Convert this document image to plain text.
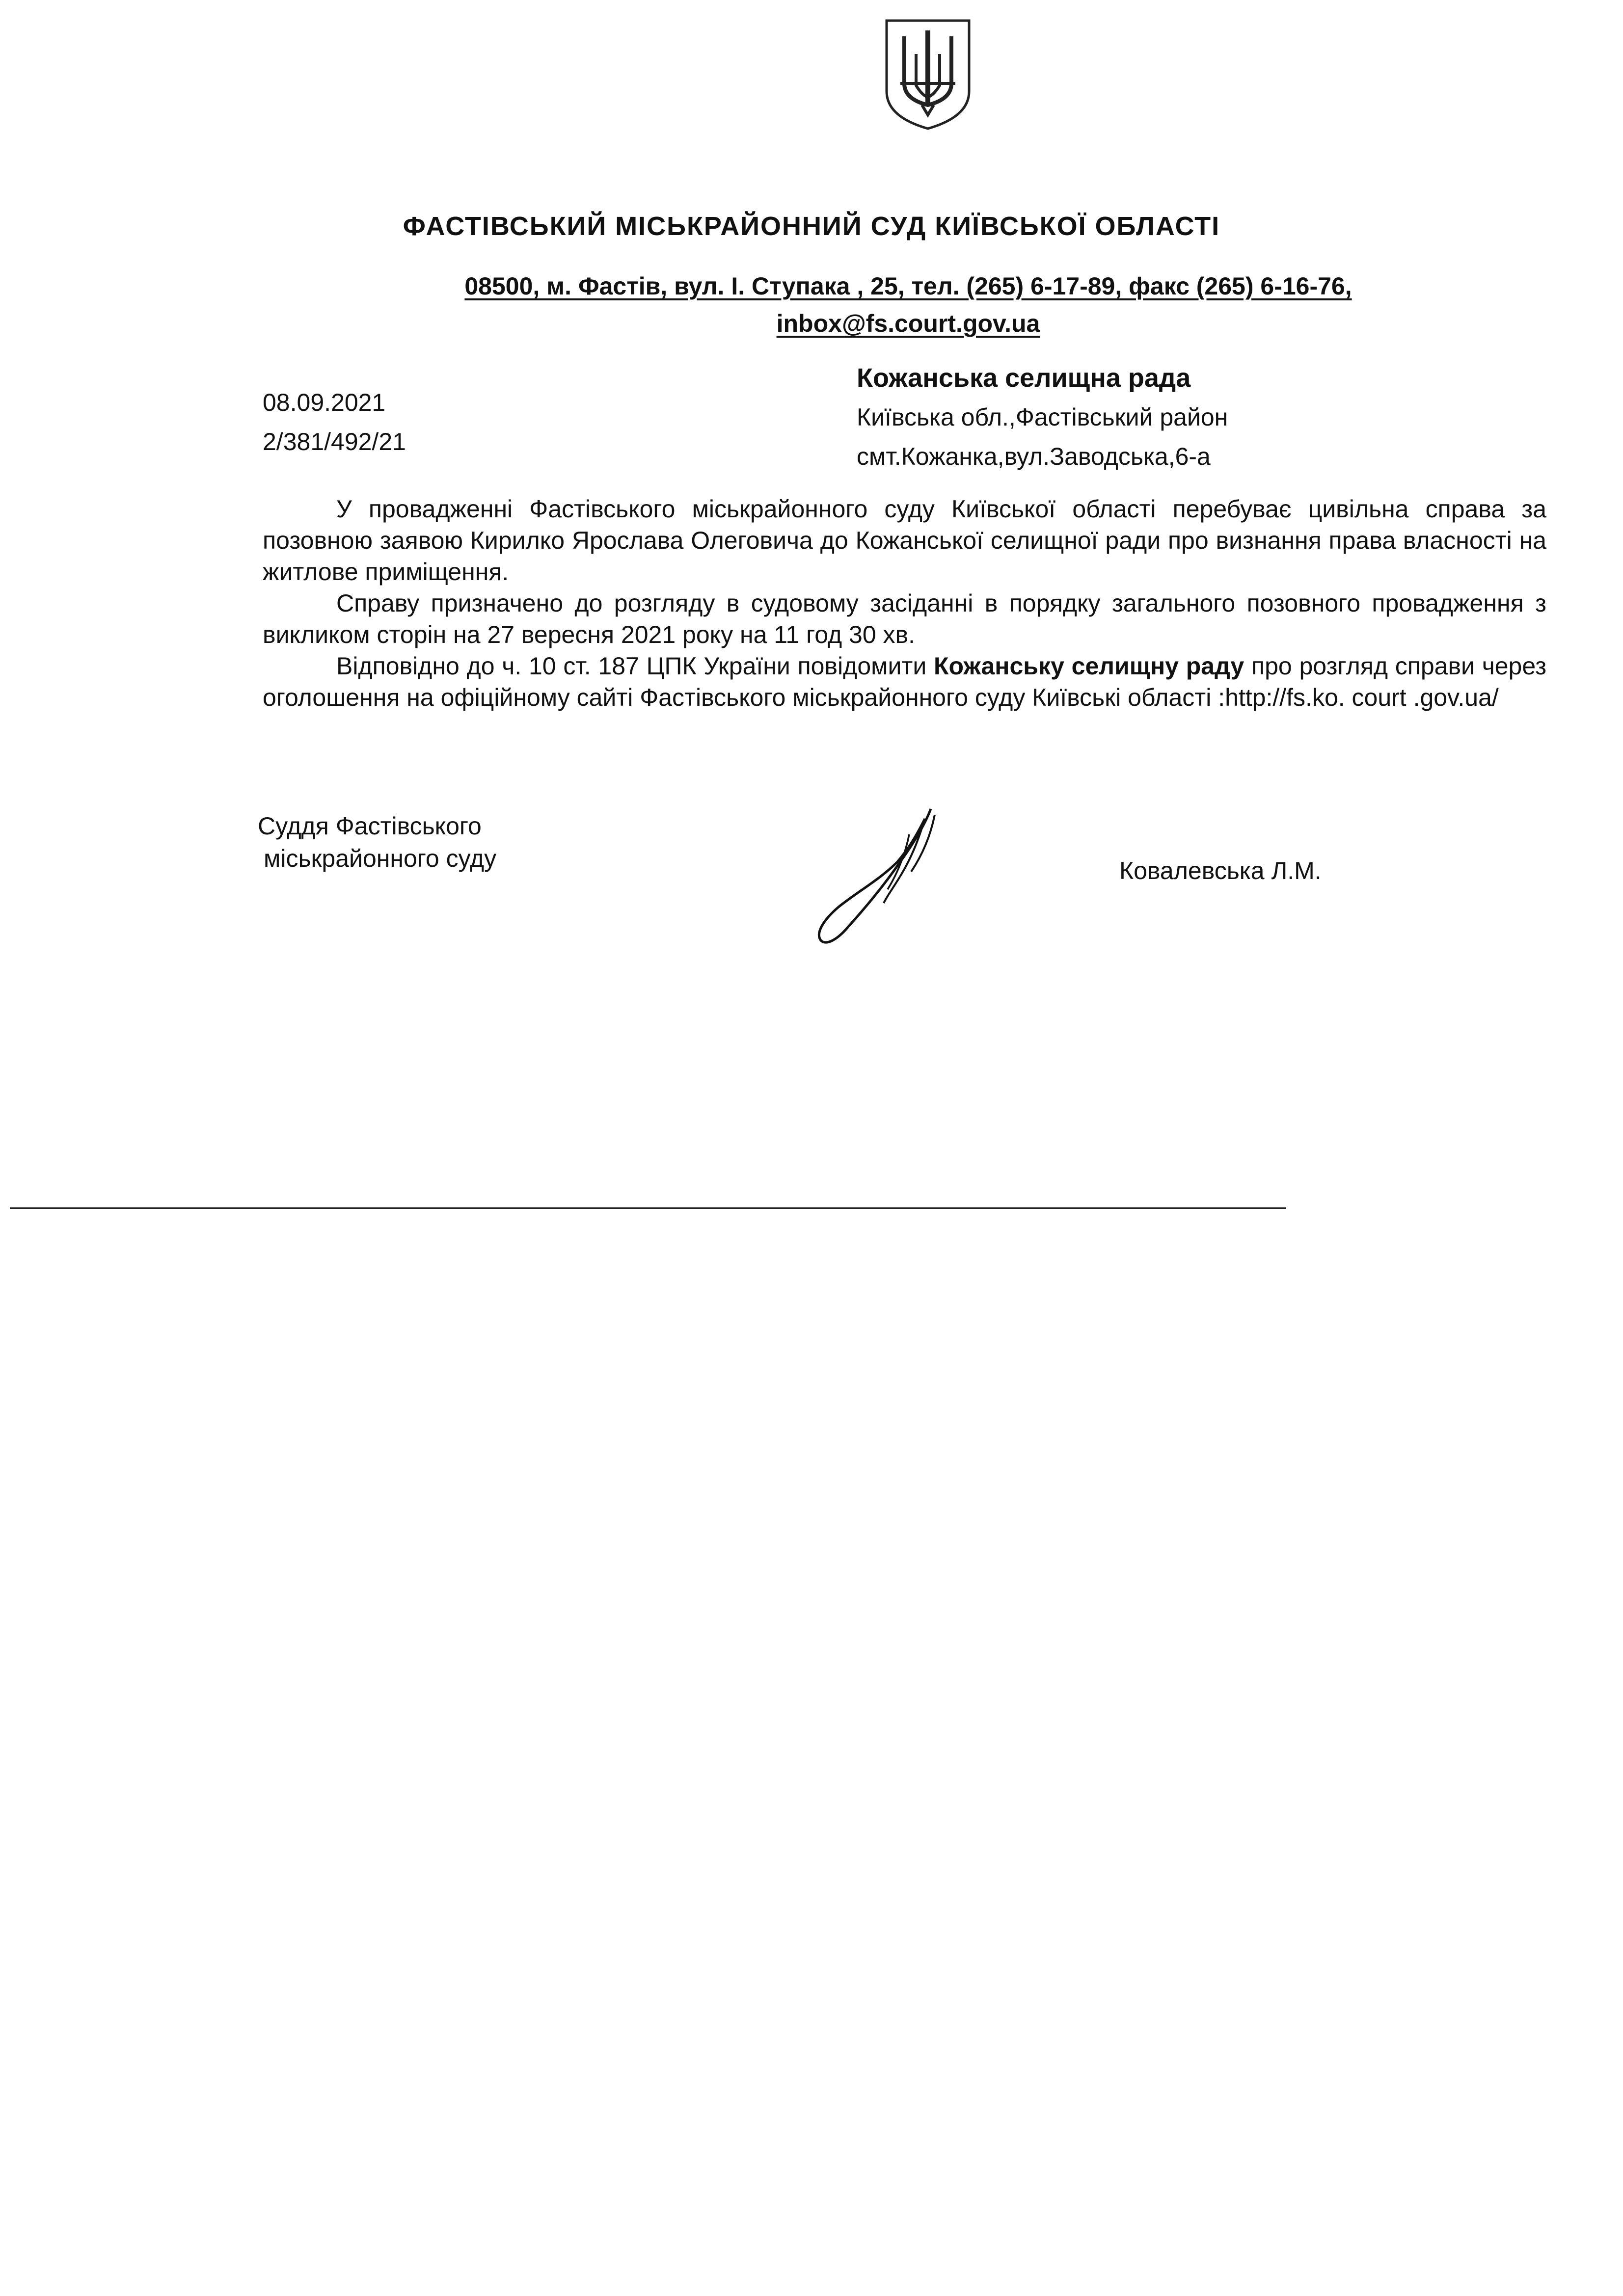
ФАСТІВСЬКИЙ МІСЬКРАЙОННИЙ СУД КИЇВСЬКОЇ ОБЛАСТІ
08500, м. Фастів, вул. І. Ступака , 25, тел. (265) 6-17-89, факс (265) 6-16-76,
inbox@fs.court.gov.ua
Кожанська селищна рада
Київська обл.,Фастівський район
смт.Кожанка,вул.Заводська,6-а
08.09.2021
2/381/492/21

У провадженні Фастівського міськрайонного суду Київської області перебуває цивільна справа за позовною заявою Кирилко Ярослава Олеговича до Кожанської селищної ради про визнання права власності на житлове приміщення.

Справу призначено до розгляду в судовому засіданні в порядку загального позовного провадження з викликом сторін на 27 вересня 2021 року на 11 год 30 хв.

Відповідно до ч. 10 ст. 187 ЦПК України повідомити Кожанську селищну раду про розгляд справи через оголошення на офіційному сайті Фастівського міськрайонного суду Київські області :http://fs.ko. court .gov.ua/

Суддя Фастівського
міськрайонного суду	Ковалевська Л.М.
